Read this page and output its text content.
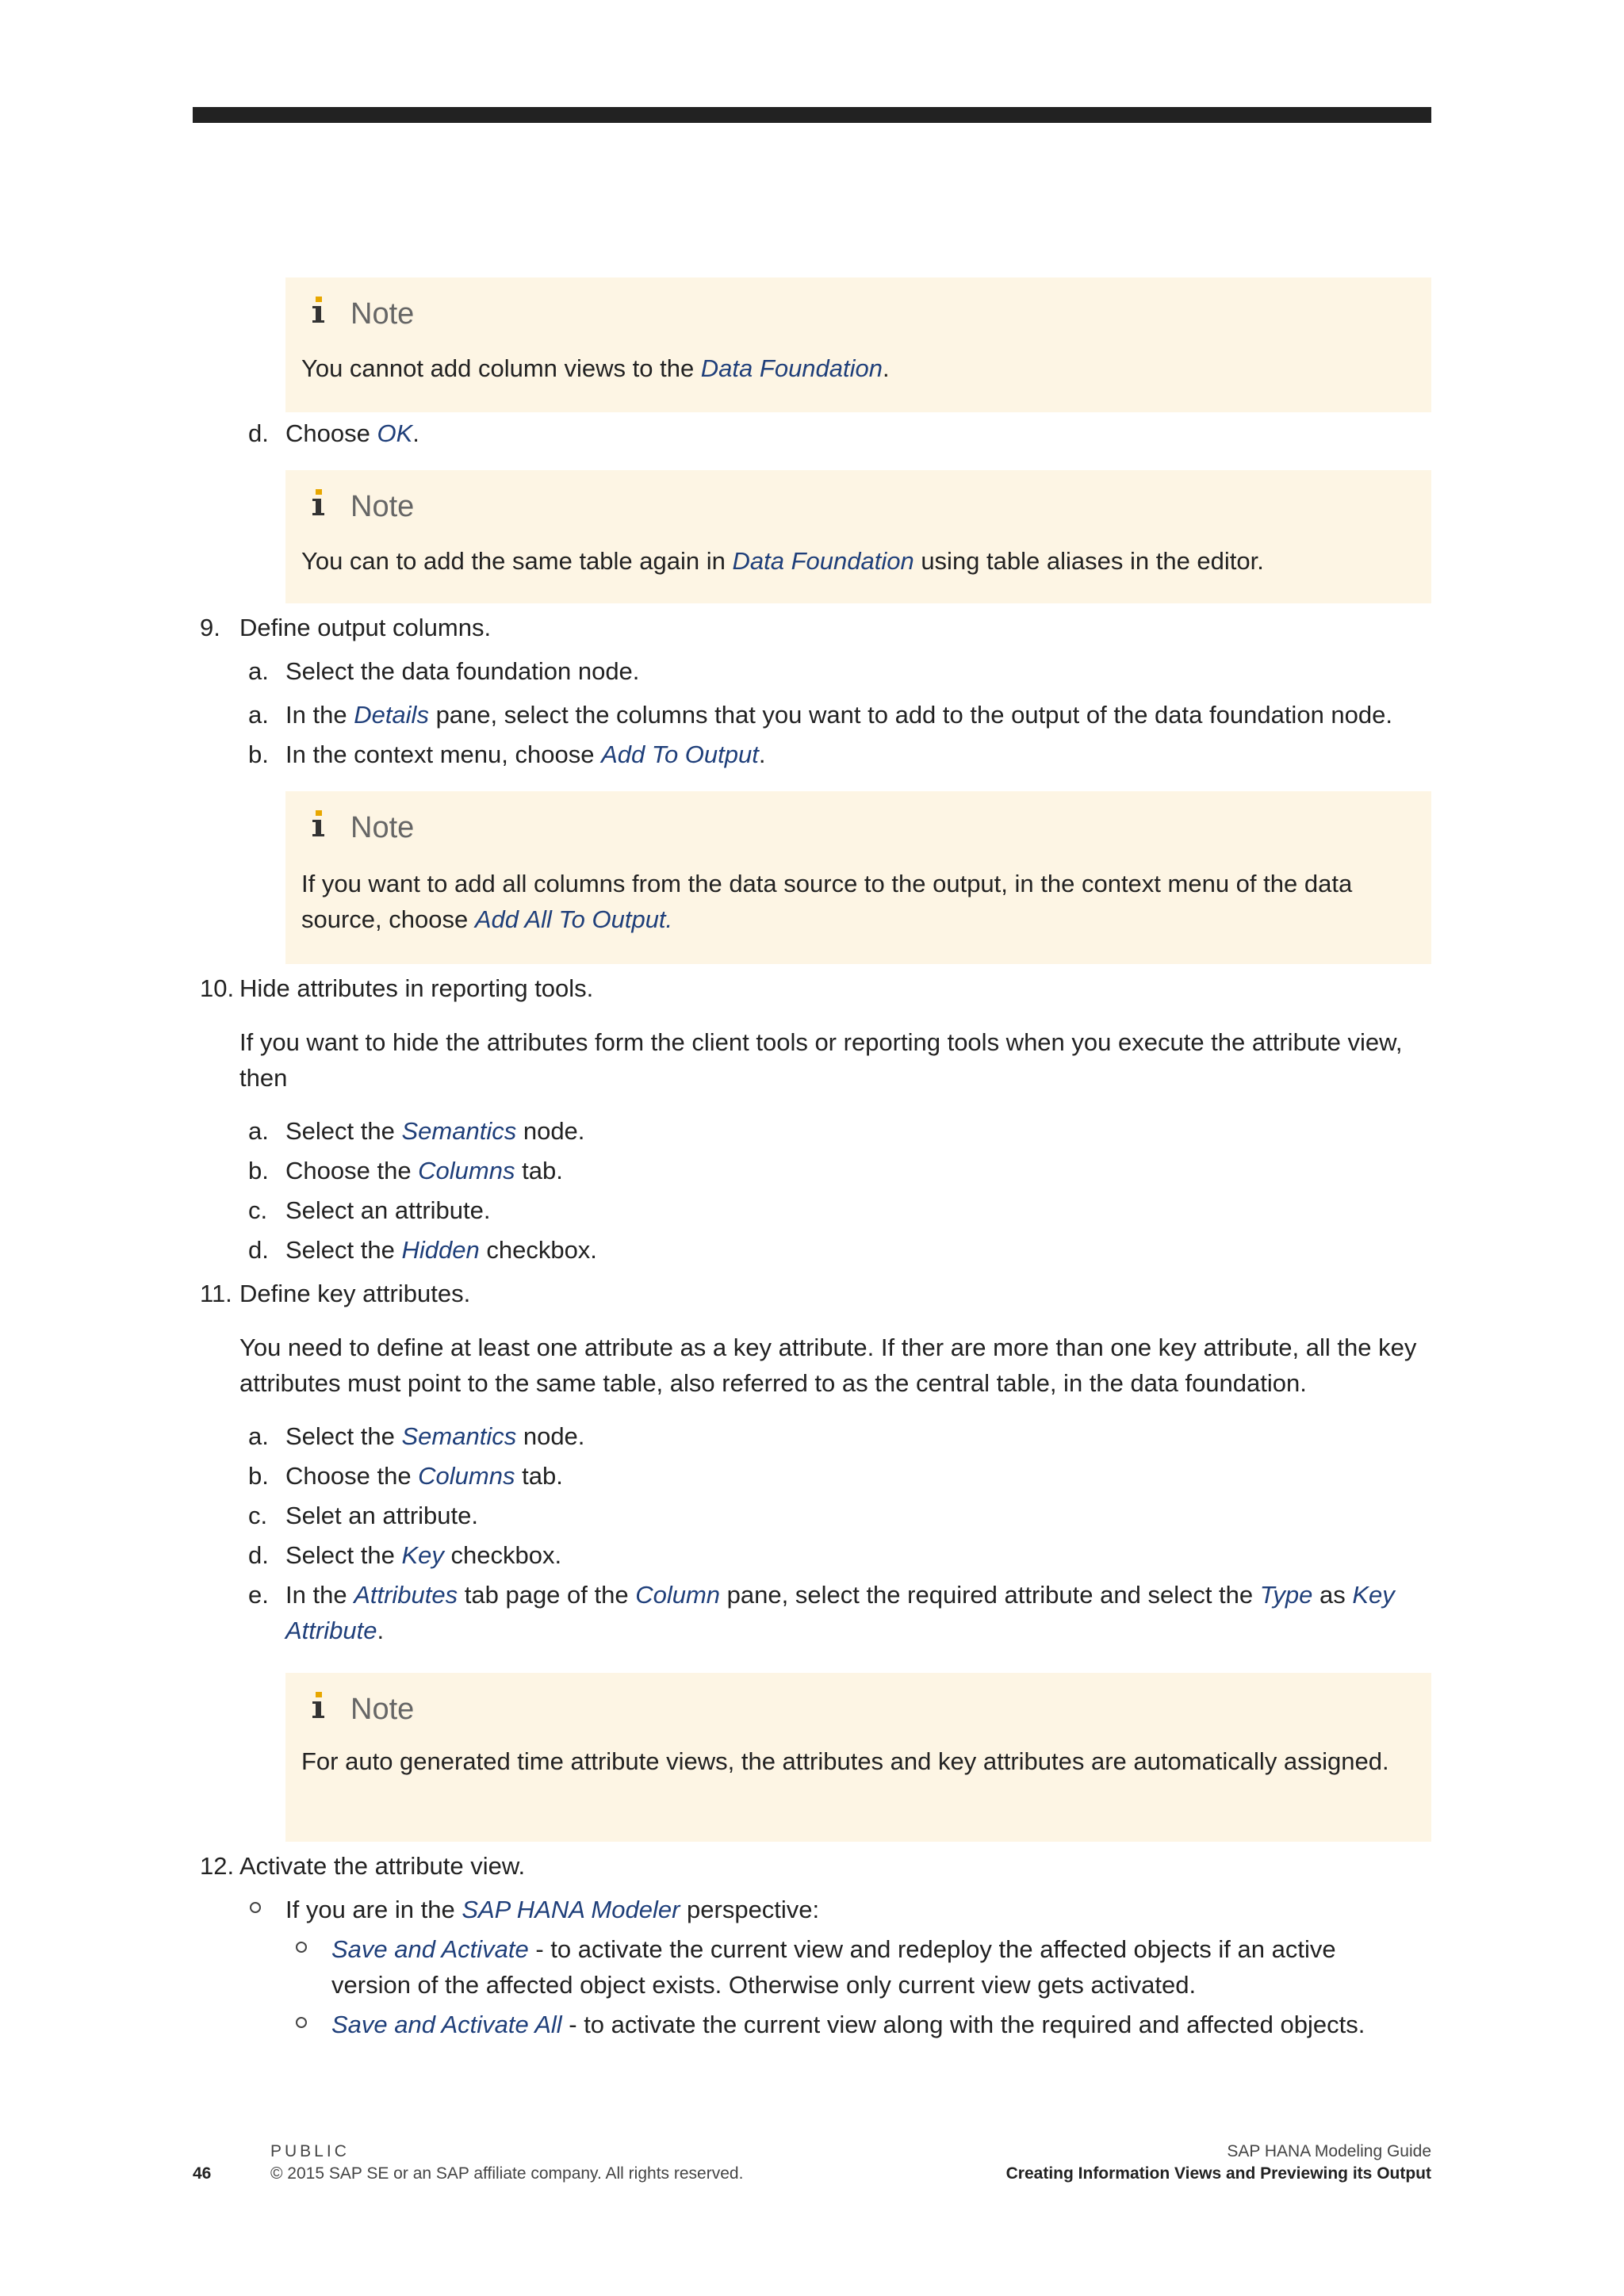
Note
You cannot add column views to the Data Foundation.
d. Choose OK.
Note
You can to add the same table again in Data Foundation using table aliases in the editor.
9. Define output columns.
a. Select the data foundation node.
a. In the Details pane, select the columns that you want to add to the output of the data foundation node.
b. In the context menu, choose Add To Output.
Note
If you want to add all columns from the data source to the output, in the context menu of the data source, choose Add All To Output.
10. Hide attributes in reporting tools.
If you want to hide the attributes form the client tools or reporting tools when you execute the attribute view, then
a. Select the Semantics node.
b. Choose the Columns tab.
c. Select an attribute.
d. Select the Hidden checkbox.
11. Define key attributes.
You need to define at least one attribute as a key attribute. If ther are more than one key attribute, all the key attributes must point to the same table, also referred to as the central table, in the data foundation.
a. Select the Semantics node.
b. Choose the Columns tab.
c. Selet an attribute.
d. Select the Key checkbox.
e. In the Attributes tab page of the Column pane, select the required attribute and select the Type as Key
Attribute.
Note
For auto generated time attribute views, the attributes and key attributes are automatically assigned.
12. Activate the attribute view.
If you are in the SAP HANA Modeler perspective:
Save and Activate - to activate the current view and redeploy the affected objects if an active
version of the affected object exists. Otherwise only current view gets activated.
Save and Activate All - to activate the current view along with the required and affected objects.
PUBLIC
46	© 2015 SAP SE or an SAP affiliate company. All rights reserved.
SAP HANA Modeling Guide
Creating Information Views and Previewing its Output
